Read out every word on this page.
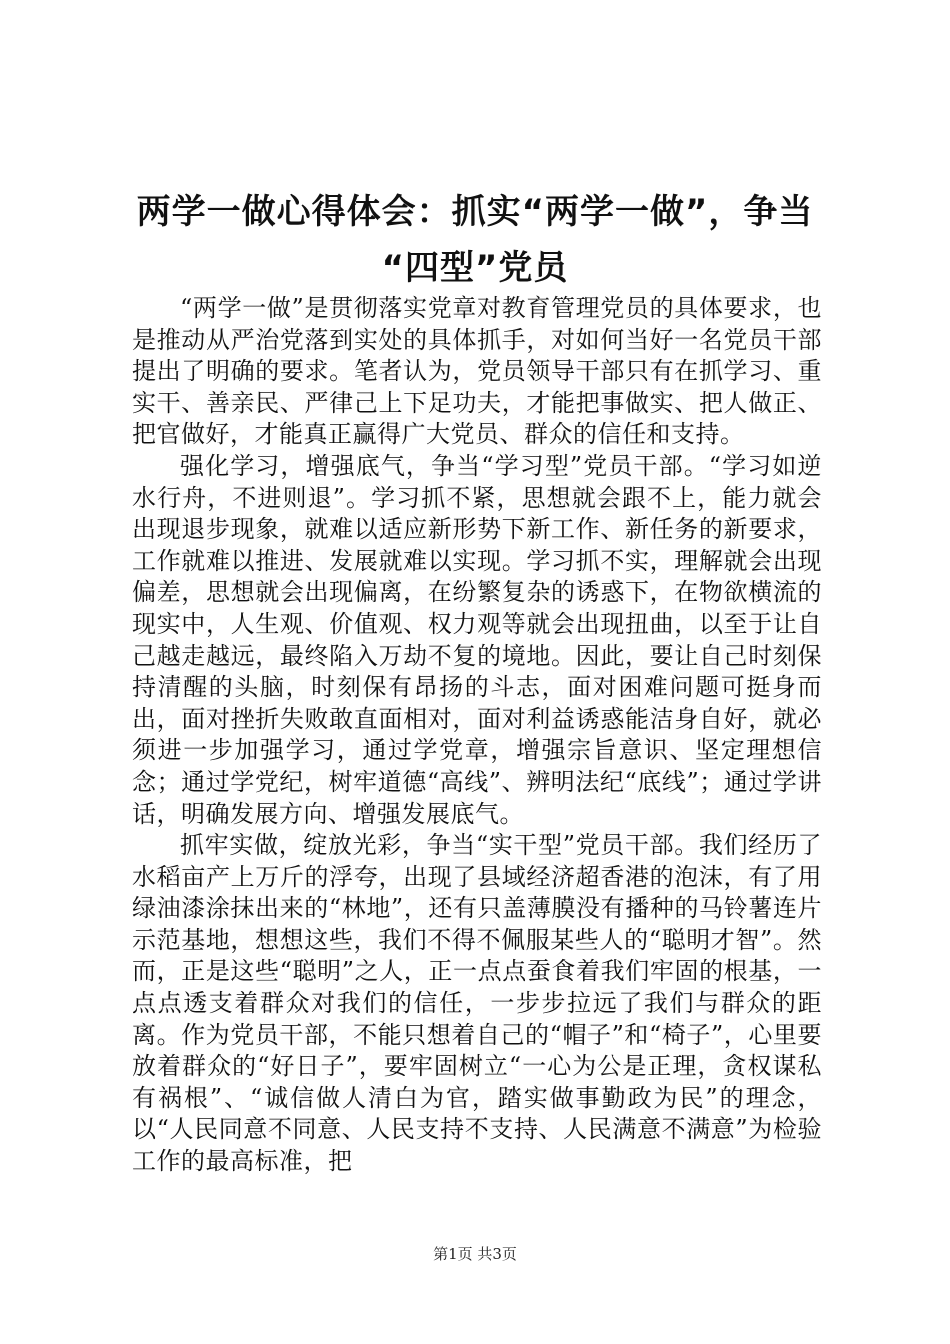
两学一做心得体会：抓实“两学一做”，争当
“四型”党员

“两学一做”是贯彻落实党章对教育管理党员的具体要求，也是推动从严治党落到实处的具体抓手，对如何当好一名党员干部提出了明确的要求。笔者认为，党员领导干部只有在抓学习、重实干、善亲民、严律己上下足功夫，才能把事做实、把人做正、把官做好，才能真正赢得广大党员、群众的信任和支持。

强化学习，增强底气，争当“学习型”党员干部。“学习如逆水行舟，不进则退”。学习抓不紧，思想就会跟不上，能力就会出现退步现象，就难以适应新形势下新工作、新任务的新要求，工作就难以推进、发展就难以实现。学习抓不实，理解就会出现偏差，思想就会出现偏离，在纷繁复杂的诱惑下，在物欲横流的现实中，人生观、价值观、权力观等就会出现扭曲，以至于让自己越走越远，最终陷入万劫不复的境地。因此，要让自己时刻保持清醒的头脑，时刻保有昂扬的斗志，面对困难问题可挺身而出，面对挫折失败敢直面相对，面对利益诱惑能洁身自好，就必须进一步加强学习，通过学党章，增强宗旨意识、坚定理想信念；通过学党纪，树牢道德“高线”、辨明法纪“底线”；通过学讲话，明确发展方向、增强发展底气。

抓牢实做，绽放光彩，争当“实干型”党员干部。我们经历了水稻亩产上万斤的浮夸，出现了县域经济超香港的泡沫，有了用绿油漆涂抹出来的“林地”，还有只盖薄膜没有播种的马铃薯连片示范基地，想想这些，我们不得不佩服某些人的“聪明才智”。然而，正是这些“聪明”之人，正一点点蚕食着我们牢固的根基，一点点透支着群众对我们的信任，一步步拉远了我们与群众的距离。作为党员干部，不能只想着自己的“帽子”和“椅子”，心里要放着群众的“好日子”，要牢固树立“一心为公是正理，贪权谋私有祸根”、“诚信做人清白为官，踏实做事勤政为民”的理念，以“人民同意不同意、人民支持不支持、人民满意不满意”为检验工作的最高标准，把

第1页 共3页
